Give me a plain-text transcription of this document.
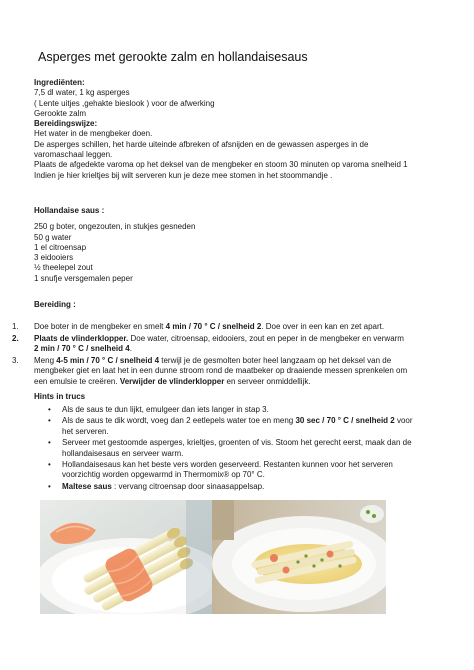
Asperges met gerookte zalm en hollandaisesaus
Ingrediënten:
7,5 dl water, 1 kg asperges
( Lente uitjes ,gehakte bieslook ) voor de afwerking
Gerookte zalm
Bereidingswijze:
Het water in de mengbeker doen.
De asperges schillen, het harde uiteinde afbreken of afsnijden en de gewassen asperges in de
varomaschaal leggen.
Plaats de afgedekte varoma op het deksel van de mengbeker en stoom 30 minuten op varoma snelheid 1
Indien je hier krieltjes bij wilt serveren kun je deze mee stomen in het stoommandje .
Hollandaise saus :
250 g boter, ongezouten, in stukjes gesneden
50 g water
1 el citroensap
3 eidooiers
½ theelepel zout
1 snufje versgemalen peper
Bereiding :
1. Doe boter in de mengbeker en smelt 4 min / 70 ° C / snelheid 2. Doe over in een kan en zet apart.
2. Plaats de vlinderklopper. Doe water, citroensap, eidooiers, zout en peper in de mengbeker en verwarm
2 min / 70 ° C / snelheid 4.
3. Meng 4-5 min / 70 ° C / snelheid 4 terwijl je de gesmolten boter heel langzaam op het deksel van de
mengbeker giet en laat het in een dunne stroom rond de maatbeker op draaiende messen sprenkelen om
een emulsie te creëren. Verwijder de vlinderklopper en serveer onmiddellijk.
Hints in trucs
• Als de saus te dun lijkt, emulgeer dan iets langer in stap 3.
• Als de saus te dik wordt, voeg dan 2 eetlepels water toe en meng 30 sec / 70 ° C / snelheid 2 voor
het serveren.
• Serveer met gestoomde asperges, krieltjes, groenten of vis. Stoom het gerecht eerst, maak dan de
hollandaisesaus en serveer warm.
• Hollandaisesaus kan het beste vers worden geserveerd. Restanten kunnen voor het serveren
voorzichtig worden opgewarmd in Thermomix® op 70° C.
• Maltese saus : vervang citroensap door sinaasappelsap.
